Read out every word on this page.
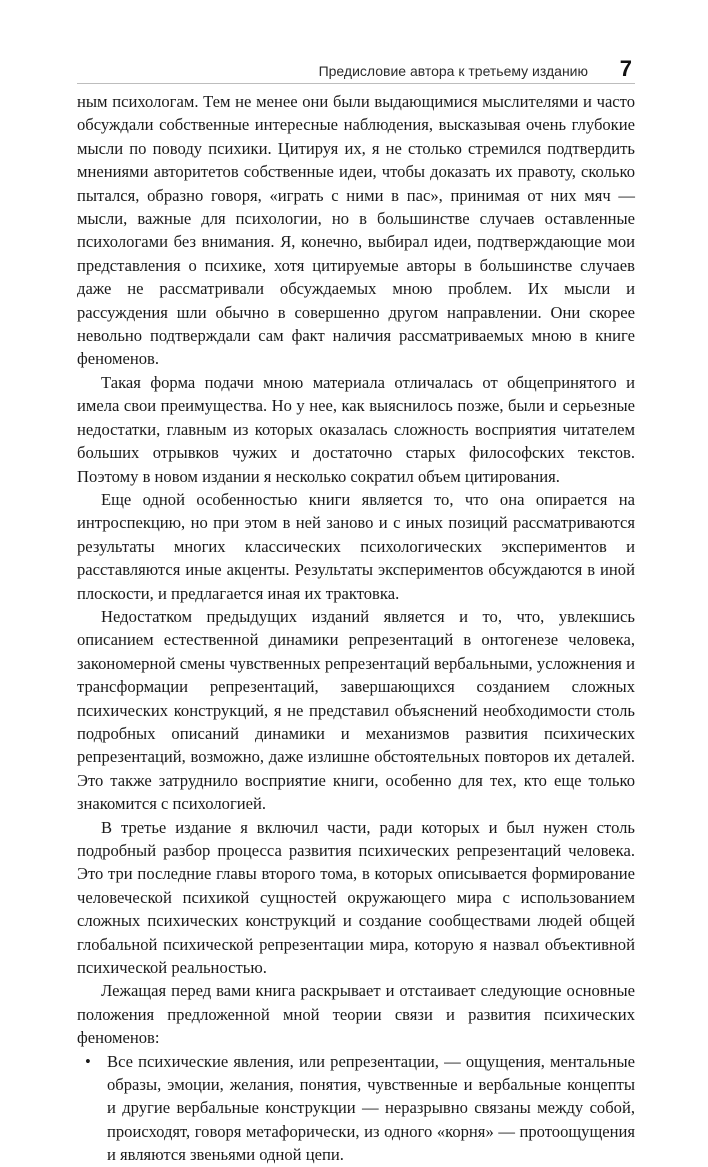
Предисловие автора к третьему изданию 7

ным психологам. Тем не менее они были выдающимися мыслителями и часто обсуждали собственные интересные наблюдения, высказывая очень глубокие мысли по поводу психики. Цитируя их, я не столько стремился подтвердить мнениями авторитетов собственные идеи, чтобы доказать их правоту, сколько пытался, образно говоря, «играть с ними в пас», принимая от них мяч — мысли, важные для психологии, но в большинстве случаев оставленные психологами без внимания. Я, конечно, выбирал идеи, подтверждающие мои представления о психике, хотя цитируемые авторы в большинстве случаев даже не рассматривали обсуждаемых мною проблем. Их мысли и рассуждения шли обычно в совершенно другом направлении. Они скорее невольно подтверждали сам факт наличия рассматриваемых мною в книге феноменов.

Такая форма подачи мною материала отличалась от общепринятого и имела свои преимущества. Но у нее, как выяснилось позже, были и серьезные недостатки, главным из которых оказалась сложность восприятия читателем больших отрывков чужих и достаточно старых философских текстов. Поэтому в новом издании я несколько сократил объем цитирования.

Еще одной особенностью книги является то, что она опирается на интроспекцию, но при этом в ней заново и с иных позиций рассматриваются результаты многих классических психологических экспериментов и расставляются иные акценты. Результаты экспериментов обсуждаются в иной плоскости, и предлагается иная их трактовка.

Недостатком предыдущих изданий является и то, что, увлекшись описанием естественной динамики репрезентаций в онтогенезе человека, закономерной смены чувственных репрезентаций вербальными, усложнения и трансформации репрезентаций, завершающихся созданием сложных психических конструкций, я не представил объяснений необходимости столь подробных описаний динамики и механизмов развития психических репрезентаций, возможно, даже излишне обстоятельных повторов их деталей. Это также затруднило восприятие книги, особенно для тех, кто еще только знакомится с психологией.

В третье издание я включил части, ради которых и был нужен столь подробный разбор процесса развития психических репрезентаций человека. Это три последние главы второго тома, в которых описывается формирование человеческой психикой сущностей окружающего мира с использованием сложных психических конструкций и создание сообществами людей общей глобальной психической репрезентации мира, которую я назвал объективной психической реальностью.

Лежащая перед вами книга раскрывает и отстаивает следующие основные положения предложенной мной теории связи и развития психических феноменов:

• Все психические явления, или репрезентации, — ощущения, ментальные образы, эмоции, желания, понятия, чувственные и вербальные концепты и другие вербальные конструкции — неразрывно связаны между собой, происходят, говоря метафорически, из одного «корня» — протоощущения и являются звеньями одной цепи.
